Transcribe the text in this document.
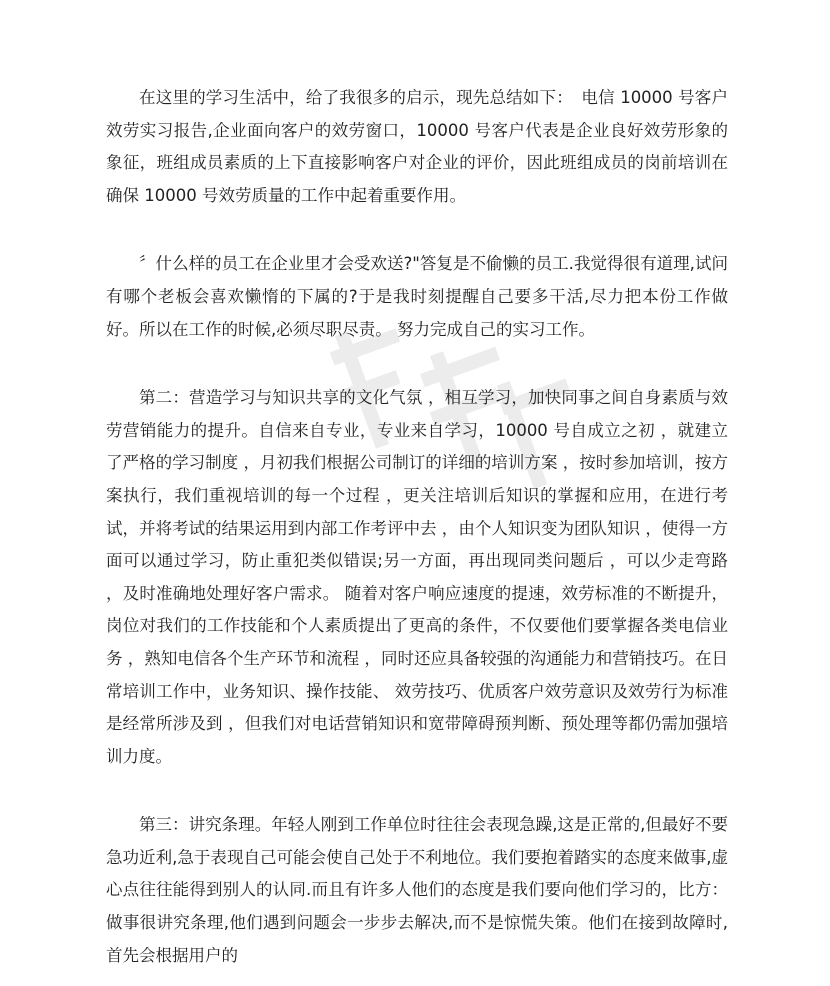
在这里的学习生活中，给了我很多的启示，现先总结如下：　电信 10000 号客户效劳实习报告,企业面向客户的效劳窗口，10000 号客户代表是企业良好效劳形象的象征，班组成员素质的上下直接影响客户对企业的评价，因此班组成员的岗前培训在确保 10000 号效劳质量的工作中起着重要作用。

〞什么样的员工在企业里才会受欢送?"答复是不偷懒的员工.我觉得很有道理,试问有哪个老板会喜欢懒惰的下属的?于是我时刻提醒自己要多干活,尽力把本份工作做好。所以在工作的时候,必须尽职尽责。 努力完成自己的实习工作。

第二：营造学习与知识共享的文化气氛 ，相互学习，加快同事之间自身素质与效劳营销能力的提升。自信来自专业，专业来自学习，10000 号自成立之初 ，就建立了严格的学习制度 ，月初我们根据公司制订的详细的培训方案 ，按时参加培训，按方案执行，我们重视培训的每一个过程 ，更关注培训后知识的掌握和应用，在进行考试，并将考试的结果运用到内部工作考评中去 ，由个人知识变为团队知识 ，使得一方面可以通过学习，防止重犯类似错误;另一方面，再出现同类问题后 ，可以少走弯路 ，及时准确地处理好客户需求。 随着对客户响应速度的提速，效劳标准的不断提升，岗位对我们的工作技能和个人素质提出了更高的条件，不仅要他们要掌握各类电信业务 ，熟知电信各个生产环节和流程 ，同时还应具备较强的沟通能力和营销技巧。在日常培训工作中，业务知识、操作技能、 效劳技巧、优质客户效劳意识及效劳行为标准是经常所涉及到 ，但我们对电话营销知识和宽带障碍预判断、预处理等都仍需加强培训力度。

第三：讲究条理。年轻人刚到工作单位时往往会表现急躁,这是正常的,但最好不要急功近利,急于表现自己可能会使自己处于不利地位。我们要抱着踏实的态度来做事,虚心点往往能得到别人的认同.而且有许多人他们的态度是我们要向他们学习的，比方：做事很讲究条理,他们遇到问题会一步步去解决,而不是惊慌失策。他们在接到故障时,首先会根据用户的
